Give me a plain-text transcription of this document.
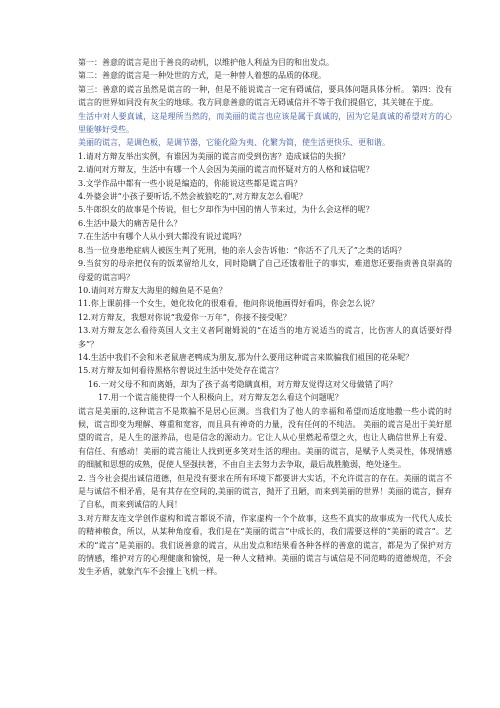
第一：善意的谎言是出于善良的动机，以维护他人利益为目的和出发点。

第二：善意的谎言是一种处世的方式，是一种替人着想的品质的体现。

第三：善意的谎言虽然是谎言的一种，但是不能说谎言一定有碍诚信，要具体问题具体分析。 第四：没有谎言的世界如同没有灰尘的地球。我方同意善意的谎言无碍诚信并不等于我们提倡它，其关键在于度。

生活中对人要真诚，这是理所当然的，而美丽的谎言也应该是属于真诚的，因为它是真诚的希望对方的心里能够好受些。

美丽的谎言，是调色板，是调节器，它能化险为夷、化繁为简，使生活更快乐、更和谐。

1.请对方辩友举出实例，有谁因为美丽的谎言而受到伤害？造成诚信的失损？

2.请问对方辩友，生活中有哪一个人会因为美丽的谎言而怀疑对方的人格和诚信呢？

3.文学作品中都有一些小说是编造的，你能说这些都是谎言吗？

4.外婆会讲“小孩子要听话,不然会被狼吃的”,对方辩友怎么看呢？

5.牛郎织女的故事是个传说，但七夕却作为中国的情人节来过，为什么会这样的呢？

6.生活中最大的痛苦是什么？

7.在生活中有哪个人从小到大都没有说过谎吗？

8.当一位身患绝症病人被医生判了死刑，他的亲人会告诉他：“你活不了几天了”之类的话吗？

9.当贫穷的母亲把仅有的饭菜留给儿女，同时隐瞒了自己还饿着肚子的事实，难道您还要指责善良崇高的母爱的谎言吗？

10.请问对方辩友大海里的鲸鱼是不是鱼？

11.你上课前排一个女生，她化妆化的很难看，他问你说他画得好看吗，你会怎么说？

12.对方辩友，我想对你说“我爱你一万年”，你接不接受呢？

13.对方辩友怎么看待英国人文主义者阿谢姆说的“在适当的地方说适当的谎言，比伤害人的真话要好得多”？

14.生活中我们不会和米老鼠唐老鸭成为朋友,那为什么要用这种谎言来欺骗我们祖国的花朵呢？

15.对方辩友如何看待黑格尔曾说过生活中处处存在谎言？

16.一对父母不和而离婚，却为了孩子高考隐瞒真相，对方辩友觉得这对父母做错了吗？

17.用一个谎言能使得一个人积极向上，对方辩友怎么看这个问题呢？

谎言是美丽的,这种谎言不是欺骗不是居心叵测。当我们为了他人的幸福和希望而适度地撒一些小谎的时候，谎言即变为理解、尊重和宽容，而且具有神奇的力量，没有任何的不纯洁。 美丽的谎言是出于美好愿望的谎言，是人生的滋养品，也是信念的源动力。它让人从心里燃起希望之火，也让人确信世界上有爱、有信任、有感动！美丽的谎言能让人找到更多笑对生活的理由。美丽的谎言，是赋予人类灵性，体现情感的细腻和思想的成熟，促使人坚强扶著，不由自主去努力去争取，最后战胜脆弱，绝处逢生。

2. 当今社会提出诚信道德，但是没有要求在所有环境下都要讲大实话，不允许谎言的存在。美丽的谎言不是与诚信不相矛盾，是有其存在空间的,美丽的谎言，抛开了丑陋，而来到美丽的世界！美丽的谎言，摒弃了自私，而来到诚信的人间！

3.对方辩友连文学创作虚构和谎言都说不清，作家虚构一个个故事，这些不真实的故事成为一代代人成长的精神粮食，所以，从某种角度看，我们是在“美丽的谎言”中成长的，我们需要这样的“美丽的谎言”。艺术的“谎言”是美丽的。我们说善意的谎言，从出发点和结果看各种各样的善意的谎言，都是为了保护对方的情感，维护对方的心理健康和愉悦，是一种人文精神。美丽的谎言与诚信是不同范畴的道德规范，不会发生矛盾，就象汽车不会撞上飞机一样。
